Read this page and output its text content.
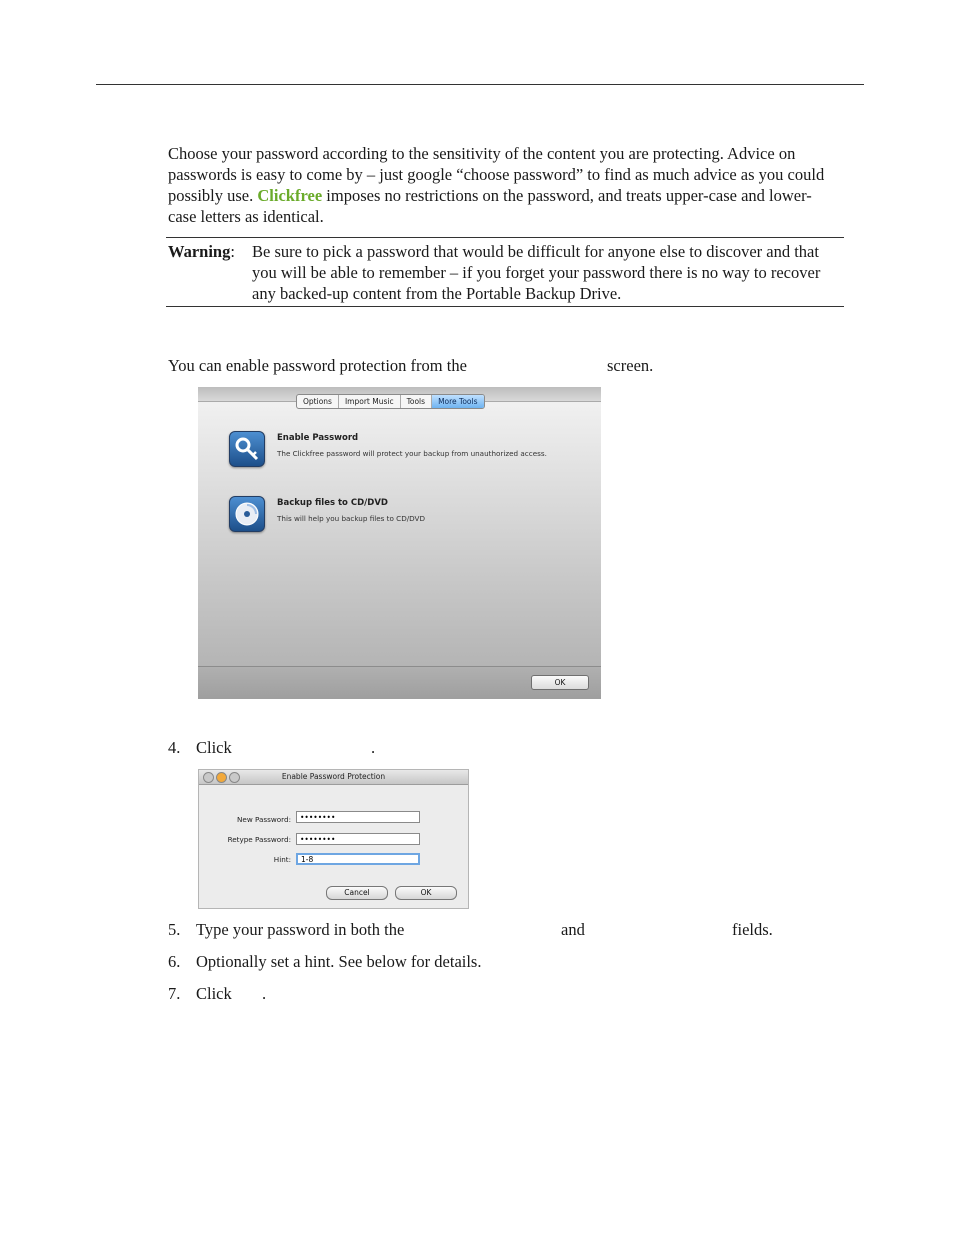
Choose your password according to the sensitivity of the content you are protecting. Advice on passwords is easy to come by – just google “choose password” to find as much advice as you could possibly use. Clickfree imposes no restrictions on the password, and treats upper-case and lower-case letters as identical.

Warning: Be sure to pick a password that would be difficult for anyone else to discover and that you will be able to remember – if you forget your password there is no way to recover any backed-up content from the Portable Backup Drive.
You can enable password protection from the	screen.
Options	Import Music	Tools	More Tools
Enable Password
The Clickfree password will protect your backup from unauthorized access.
Backup files to CD/DVD
This will help you backup files to CD/DVD
OK
4. Click	.
Enable Password Protection
New Password:	••••••••
Retype Password:	••••••••
Hint:	1-8
Cancel	OK
5. Type your password in both the	and	fields.
6. Optionally set a hint. See below for details.
7. Click .
